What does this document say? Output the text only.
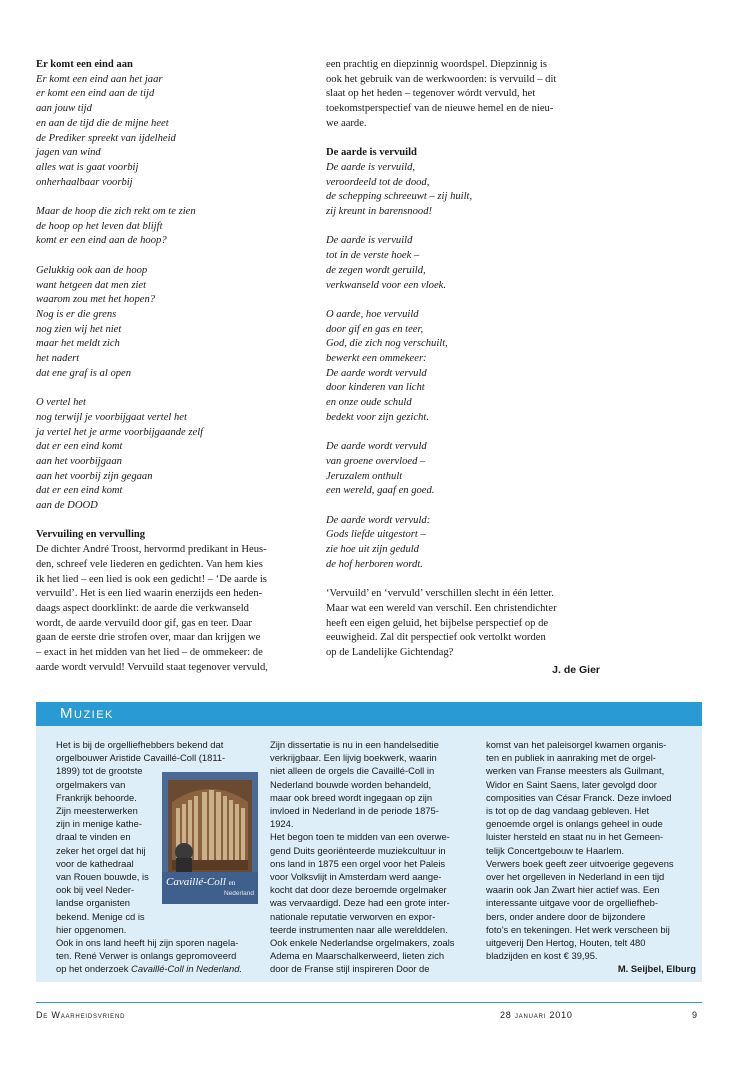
Er komt een eind aan
Er komt een eind aan het jaar
er komt een eind aan de tijd
aan jouw tijd
en aan de tijd die de mijne heet
de Prediker spreekt van ijdelheid
jagen van wind
alles wat is gaat voorbij
onherhaalbaar voorbij
Maar de hoop die zich rekt om te zien
de hoop op het leven dat blijft
komt er een eind aan de hoop?
Gelukkig ook aan de hoop
want hetgeen dat men ziet
waarom zou met het hopen?
Nog is er die grens
nog zien wij het niet
maar het meldt zich
het nadert
dat ene graf is al open
O vertel het
nog terwijl je voorbijgaat vertel het
ja vertel het je arme voorbijgaande zelf
dat er een eind komt
aan het voorbijgaan
aan het voorbij zijn gegaan
dat er een eind komt
aan de DOOD
Vervuiling en vervulling
De dichter André Troost, hervormd predikant in Heus-
den, schreef vele liederen en gedichten. Van hem kies
ik het lied – een lied is ook een gedicht! – ‘De aarde is
vervuild’. Het is een lied waarin enerzijds een heden-
daags aspect doorklinkt: de aarde die verkwanseld
wordt, de aarde vervuild door gif, gas en teer. Daar
gaan de eerste drie strofen over, maar dan krijgen we
– exact in het midden van het lied – de ommekeer: de
aarde wordt vervuld! Vervuild staat tegenover vervuld,
een prachtig en diepzinnig woordspel. Diepzinnig is
ook het gebruik van de werkwoorden: ís vervuild – dit
slaat op het heden – tegenover wórdt vervuld, het
toekomstperspectief van de nieuwe hemel en de nieu-
we aarde.
De aarde is vervuild
De aarde is vervuild,
veroordeeld tot de dood,
de schepping schreeuwt – zij huilt,
zij kreunt in barensnood!
De aarde is vervuild
tot in de verste hoek –
de zegen wordt geruild,
verkwanseld voor een vloek.
O aarde, hoe vervuild
door gif en gas en teer,
God, die zich nog verschuilt,
bewerkt een ommekeer:
De aarde wordt vervuld
door kinderen van licht
en onze oude schuld
bedekt voor zijn gezicht.
De aarde wordt vervuld
van groene overvloed –
Jeruzalem onthult
een wereld, gaaf en goed.
De aarde wordt vervuld:
Gods liefde uitgestort –
zie hoe uit zijn geduld
de hof herboren wordt.
‘Vervuild’ en ‘vervuld’ verschillen slecht in één letter.
Maar wat een wereld van verschil. Een christendichter
heeft een eigen geluid, het bijbelse perspectief op de
eeuwigheid. Zal dit perspectief ook vertolkt worden
op de Landelijke Gichtendag?
J. de Gier
Muziek
Het is bij de orgelliefhebbers bekend dat
orgelbouwer Aristide Cavaillé-Coll (1811-
1899) tot de grootste
orgelmakers van
Frankrijk behoorde.
Zijn meesterwerken
zijn in menige kathe-
draal te vinden en
zeker het orgel dat hij
voor de kathedraal
van Rouen bouwde, is
ook bij veel Neder-
landse organisten
bekend. Menige cd is
hier opgenomen.
Ook in ons land heeft hij zijn sporen nagela-
ten. René Verwer is onlangs gepromoveerd
op het onderzoek Cavaillé-Coll in Nederland.
Cavaillé-Coll en
Nederland
Zijn dissertatie is nu in een handelseditie
verkrijgbaar. Een lijvig boekwerk, waarin
niet alleen de orgels die Cavaillé-Coll in
Nederland bouwde worden behandeld,
maar ook breed wordt ingegaan op zijn
invloed in Nederland in de periode 1875-
1924.
Het begon toen te midden van een overwe-
gend Duits georiënteerde muziekcultuur in
ons land in 1875 een orgel voor het Paleis
voor Volksvlijt in Amsterdam werd aange-
kocht dat door deze beroemde orgelmaker
was vervaardigd. Deze had een grote inter-
nationale reputatie verworven en expor-
teerde instrumenten naar alle werelddelen.
Ook enkele Nederlandse orgelmakers, zoals
Adema en Maarschalkerweerd, lieten zich
door de Franse stijl inspireren Door de
komst van het paleisorgel kwamen organis-
ten en publiek in aanraking met de orgel-
werken van Franse meesters als Guilmant,
Widor en Saint Saens, later gevolgd door
composities van César Franck. Deze invloed
is tot op de dag vandaag gebleven. Het
genoemde orgel is onlangs geheel in oude
luister hersteld en staat nu in het Gemeen-
telijk Concertgebouw te Haarlem.
Verwers boek geeft zeer uitvoerige gegevens
over het orgelleven in Nederland in een tijd
waarin ook Jan Zwart hier actief was. Een
interessante uitgave voor de orgelliefheb-
bers, onder andere door de bijzondere
foto’s en tekeningen. Het werk verscheen bij
uitgeverij Den Hertog, Houten, telt 480
bladzijden en kost € 39,95.
M. Seijbel, Elburg
De Waarheidsvriend	28 januari 2010	9
